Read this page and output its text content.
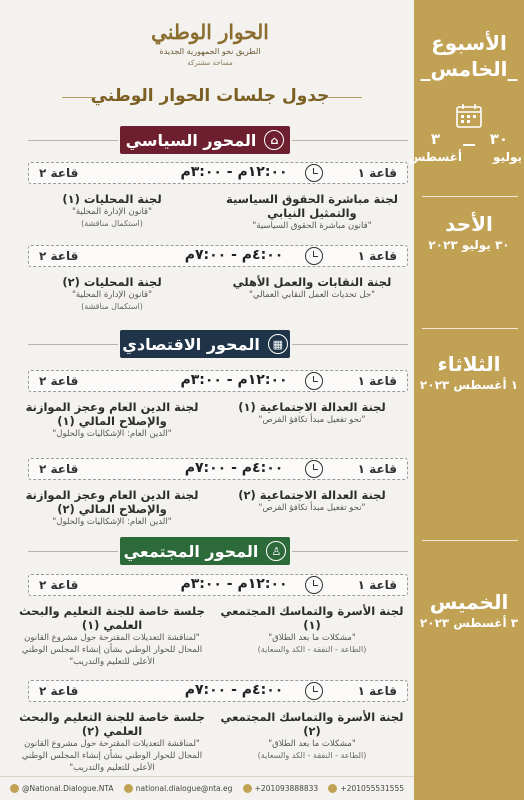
الأسبوع _الخامس_
٣٠
يوليو
٣
أغسطس
الأحد
٣٠ يوليو ٢٠٢٣
الثلاثاء
١ أغسطس ٢٠٢٣
الخميس
٣ أغسطس ٢٠٢٣
الحوار الوطني
الطريق نحو الجمهورية الجديدة
مساحة مشتركة
جدول جلسات الحوار الوطني
⌂
المحور السياسي
قاعة ١
١٢:٠٠م - ٣:٠٠م
قاعة ٢
لجنة مباشرة الحقوق السياسية والتمثيل النيابي
"قانون مباشرة الحقوق السياسية"
لجنة المحليات (١)
"قانون الإدارة المحلية"
(استكمال مناقشة)
قاعة ١
٤:٠٠م - ٧:٠٠م
قاعة ٢
لجنة النقابات والعمل الأهلي
"حل تحديات العمل النقابي العمالي"
لجنة المحليات (٢)
"قانون الإدارة المحلية"
(استكمال مناقشة)
▦
المحور الاقتصادي
قاعة ١
١٢:٠٠م - ٣:٠٠م
قاعة ٢
لجنة العدالة الاجتماعية (١)
"نحو تفعيل مبدأ تكافؤ الفرص"
لجنة الدين العام وعجز الموازنة والإصلاح المالي (١)
"الدين العام: الإشكاليات والحلول"
قاعة ١
٤:٠٠م - ٧:٠٠م
قاعة ٢
لجنة العدالة الاجتماعية (٢)
"نحو تفعيل مبدأ تكافؤ الفرص"
لجنة الدين العام وعجز الموازنة والإصلاح المالي (٢)
"الدين العام: الإشكاليات والحلول"
♙
المحور المجتمعي
قاعة ١
١٢:٠٠م - ٣:٠٠م
قاعة ٢
لجنة الأسرة والتماسك المجتمعي (١)
"مشكلات ما بعد الطلاق"
(الطاعة - النفقة - الكد والسعاية)
جلسة خاصة للجنة التعليم والبحث العلمي (١)
"لمناقشة التعديلات المقترحة حول مشروع القانون المحال للحوار الوطني بشأن إنشاء المجلس الوطني الأعلى للتعليم والتدريب"
قاعة ١
٤:٠٠م - ٧:٠٠م
قاعة ٢
لجنة الأسرة والتماسك المجتمعي (٢)
"مشكلات ما بعد الطلاق"
(الطاعة - النفقة - الكد والسعاية)
جلسة خاصة للجنة التعليم والبحث العلمي (٢)
"لمناقشة التعديلات المقترحة حول مشروع القانون المحال للحوار الوطني بشأن إنشاء المجلس الوطني الأعلى للتعليم والتدريب"
@National.Dialogue.NTA	national.dialogue@nta.eg	+201093888833	+201055531555
